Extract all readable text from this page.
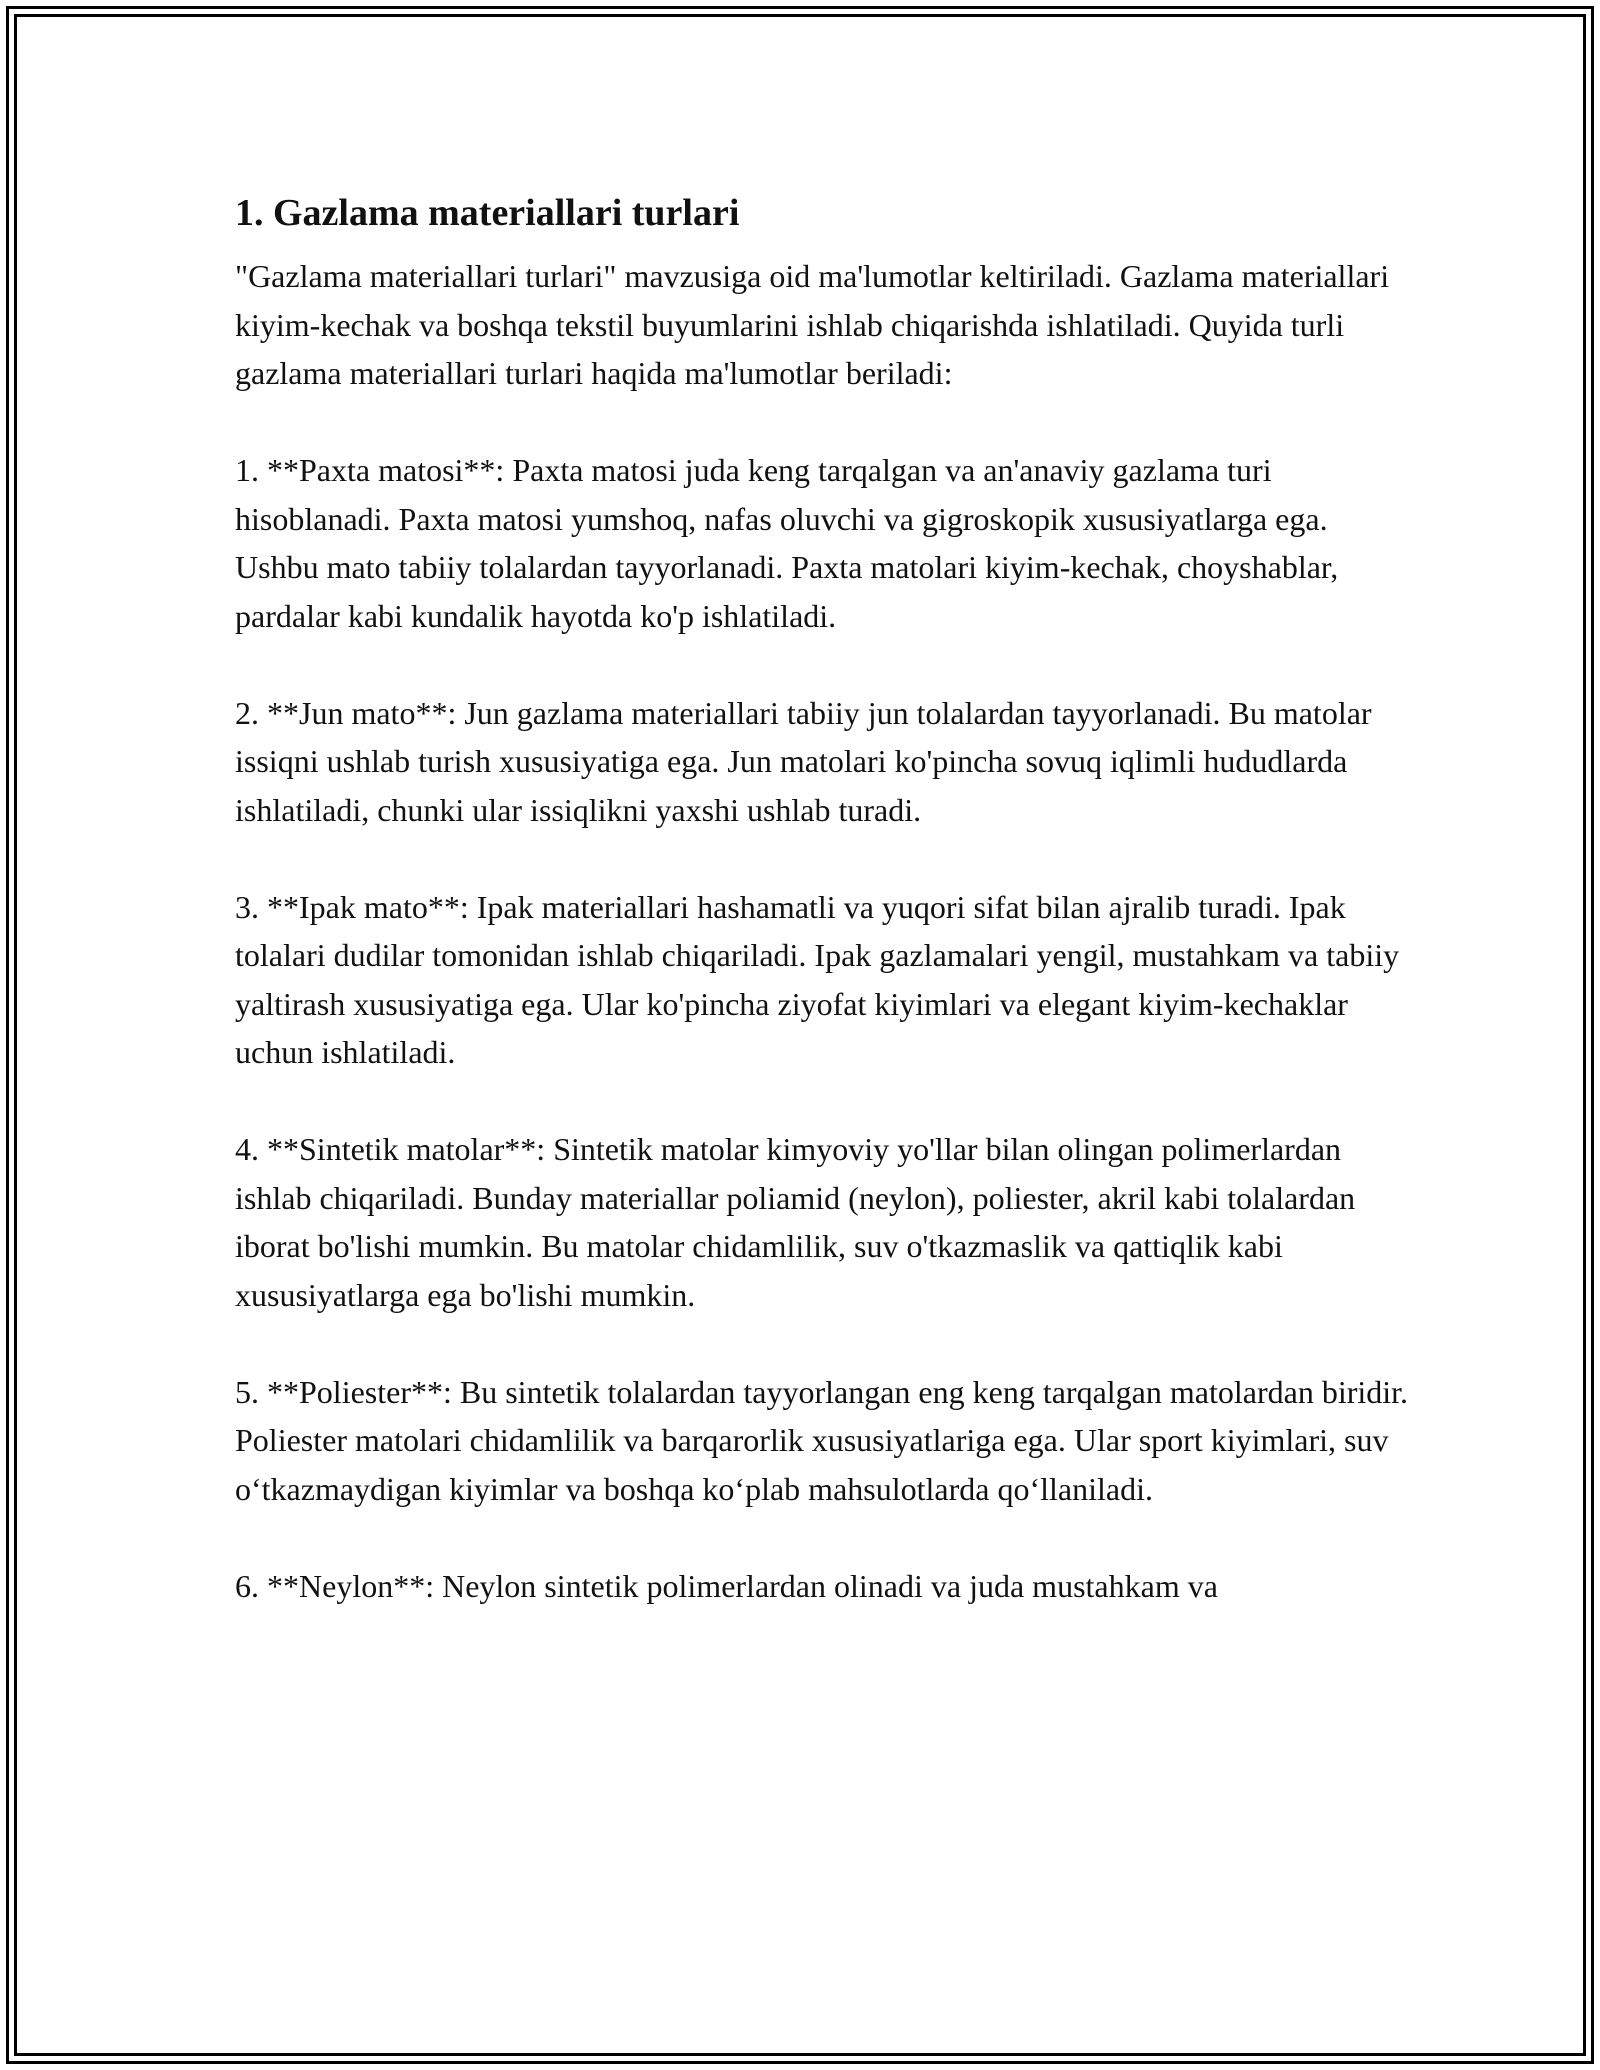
1. Gazlama materiallari turlari

"Gazlama materiallari turlari" mavzusiga oid ma'lumotlar keltiriladi. Gazlama materiallari kiyim-kechak va boshqa tekstil buyumlarini ishlab chiqarishda ishlatiladi. Quyida turli gazlama materiallari turlari haqida ma'lumotlar beriladi:

1. **Paxta matosi**: Paxta matosi juda keng tarqalgan va an'anaviy gazlama turi hisoblanadi. Paxta matosi yumshoq, nafas oluvchi va gigroskopik xususiyatlarga ega. Ushbu mato tabiiy tolalardan tayyorlanadi. Paxta matolari kiyim-kechak, choyshablar, pardalar kabi kundalik hayotda ko'p ishlatiladi.

2. **Jun mato**: Jun gazlama materiallari tabiiy jun tolalardan tayyorlanadi. Bu matolar issiqni ushlab turish xususiyatiga ega. Jun matolari ko'pincha sovuq iqlimli hududlarda ishlatiladi, chunki ular issiqlikni yaxshi ushlab turadi.

3. **Ipak mato**: Ipak materiallari hashamatli va yuqori sifat bilan ajralib turadi. Ipak tolalari dudilar tomonidan ishlab chiqariladi. Ipak gazlamalari yengil, mustahkam va tabiiy yaltirash xususiyatiga ega. Ular ko'pincha ziyofat kiyimlari va elegant kiyim-kechaklar uchun ishlatiladi.

4. **Sintetik matolar**: Sintetik matolar kimyoviy yo'llar bilan olingan polimerlardan ishlab chiqariladi. Bunday materiallar poliamid (neylon), poliester, akril kabi tolalardan iborat bo'lishi mumkin. Bu matolar chidamlilik, suv o'tkazmaslik va qattiqlik kabi xususiyatlarga ega bo'lishi mumkin.

5. **Poliester**: Bu sintetik tolalardan tayyorlangan eng keng tarqalgan matolardan biridir. Poliester matolari chidamlilik va barqarorlik xususiyatlariga ega. Ular sport kiyimlari, suv o‘tkazmaydigan kiyimlar va boshqa ko‘plab mahsulotlarda qo‘llaniladi.

6. **Neylon**: Neylon sintetik polimerlardan olinadi va juda mustahkam va
